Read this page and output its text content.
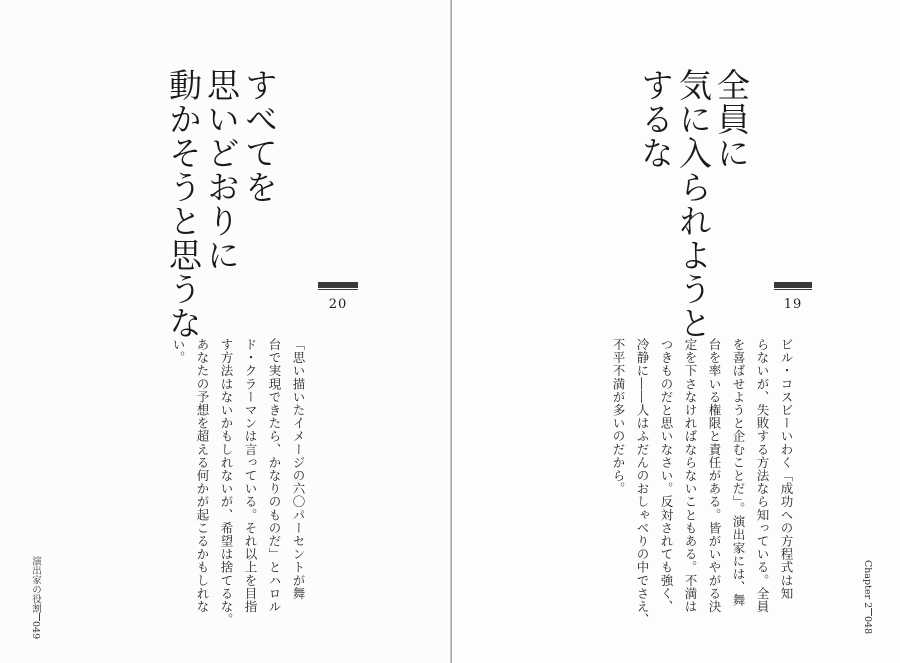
すべてを
思いどおりに
動かそうと思うな	20
「思い描いたイメージの六〇パーセントが舞
台で実現できたら、かなりのものだ」とハロル
ド・クラーマンは言っている。それ以上を目指
す方法はないかもしれないが、希望は捨てるな。
あなたの予想を超える何かが起こるかもしれな
い。
演出家の役割049
全員に
気に入られようと
するな
19
ビル・コスビーいわく「成功への方程式は知
らないが、失敗する方法なら知っている。全員
を喜ばせようと企むことだ」。演出家には、舞
台を率いる権限と責任がある。皆がいやがる決
定を下さなければならないこともある。不満は
つきものだと思いなさい。反対されても強く、
冷静に――人はふだんのおしゃべりの中でさえ、
不平不満が多いのだから。
Chapter 2048
